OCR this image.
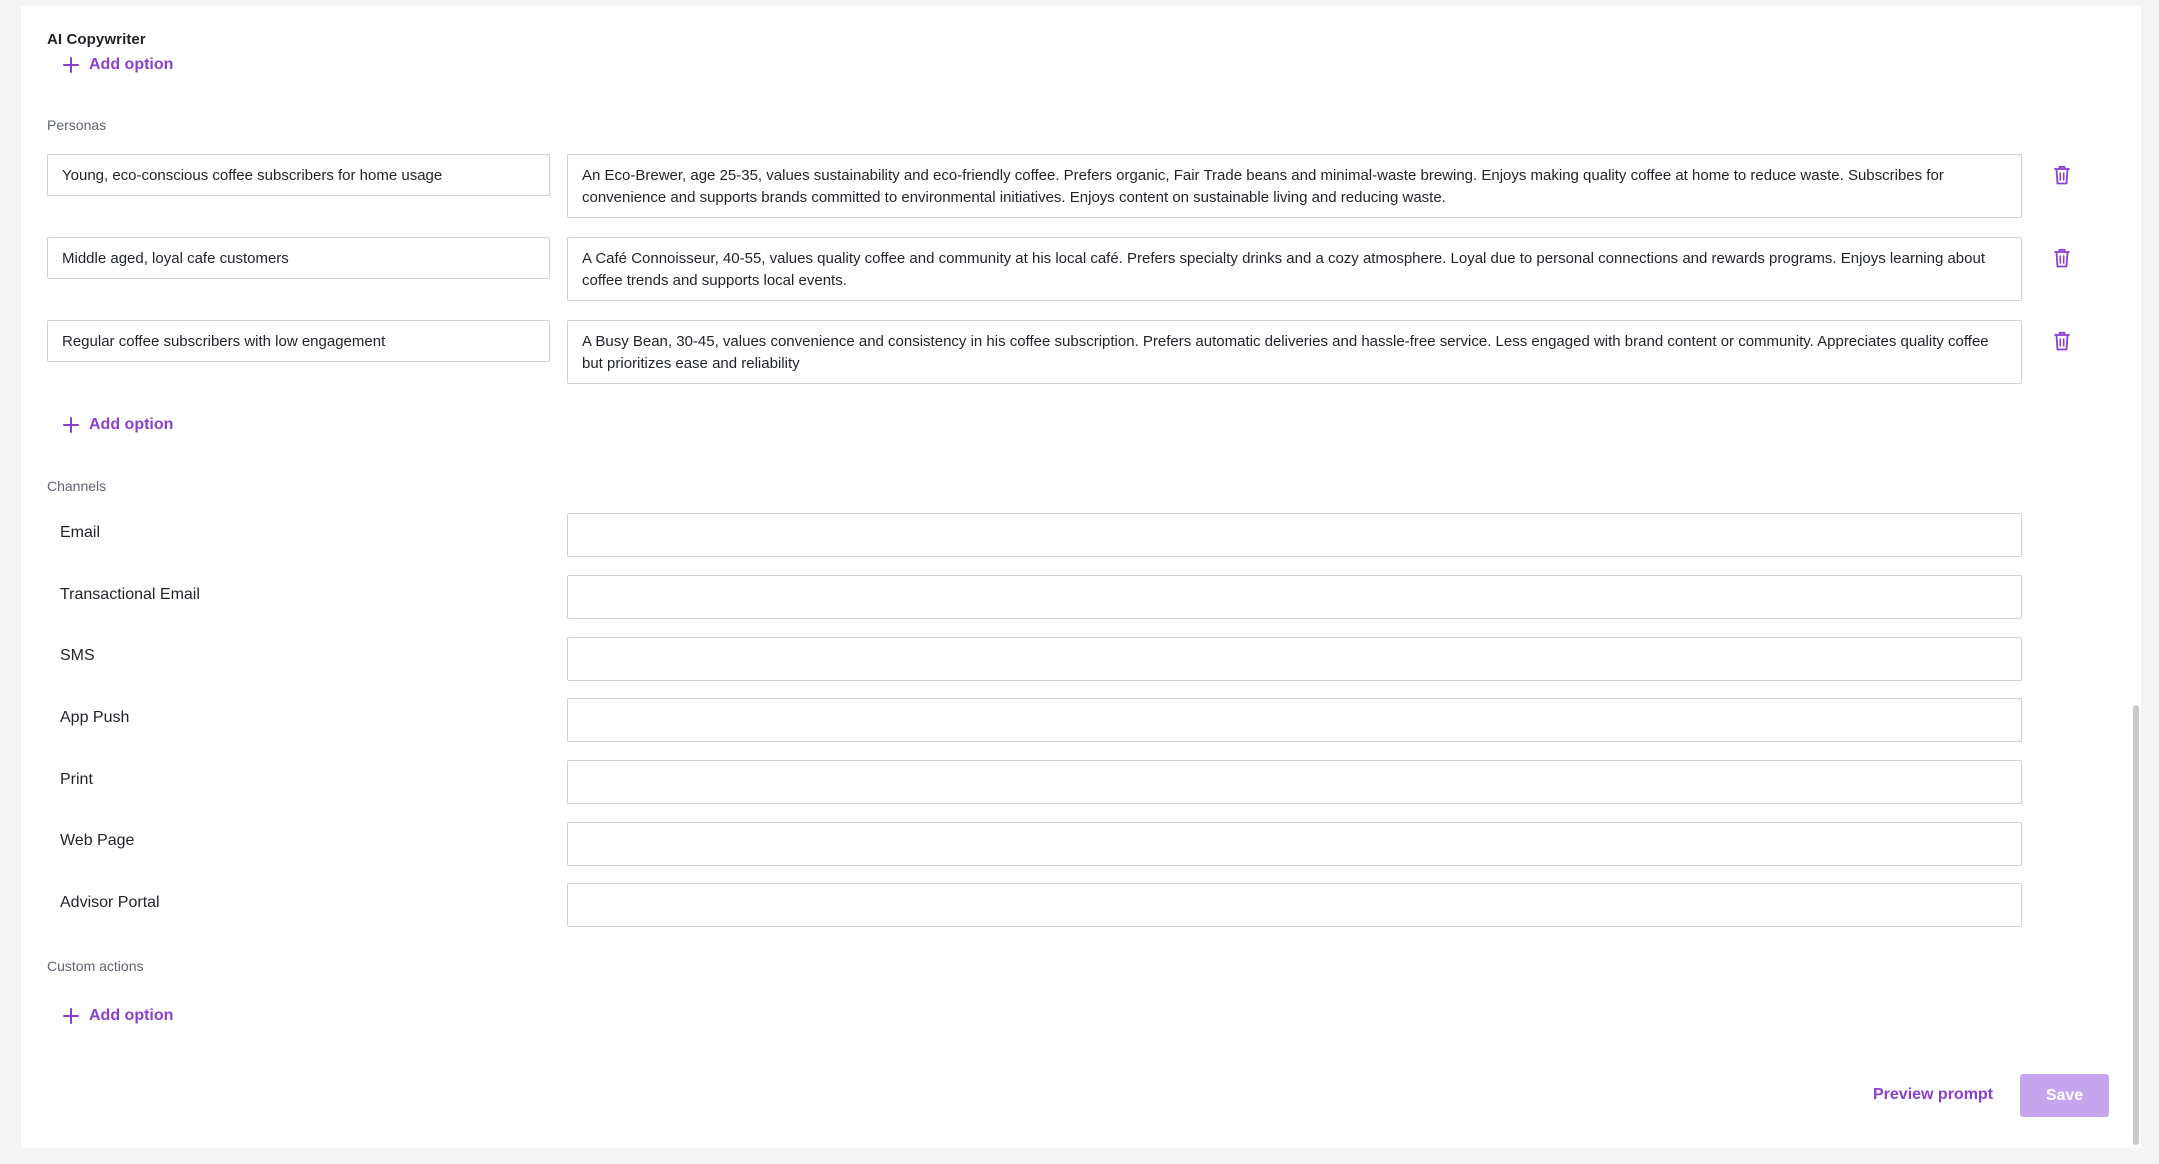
AI Copywriter
Add option
Personas
Young, eco-conscious coffee subscribers for home usage	An Eco-Brewer, age 25-35, values sustainability and eco-friendly coffee. Prefers organic, Fair Trade beans and minimal-waste brewing. Enjoys making quality coffee at home to reduce waste. Subscribes for convenience and supports brands committed to environmental initiatives. Enjoys content on sustainable living and reducing waste.
Middle aged, loyal cafe customers	A Café Connoisseur, 40-55, values quality coffee and community at his local café. Prefers specialty drinks and a cozy atmosphere. Loyal due to personal connections and rewards programs. Enjoys learning about coffee trends and supports local events.
Regular coffee subscribers with low engagement	A Busy Bean, 30-45, values convenience and consistency in his coffee subscription. Prefers automatic deliveries and hassle-free service. Less engaged with brand content or community. Appreciates quality coffee but prioritizes ease and reliability
Add option
Channels
Email
Transactional Email
SMS
App Push
Print
Web Page
Advisor Portal
Custom actions
Add option
Preview prompt	Save
